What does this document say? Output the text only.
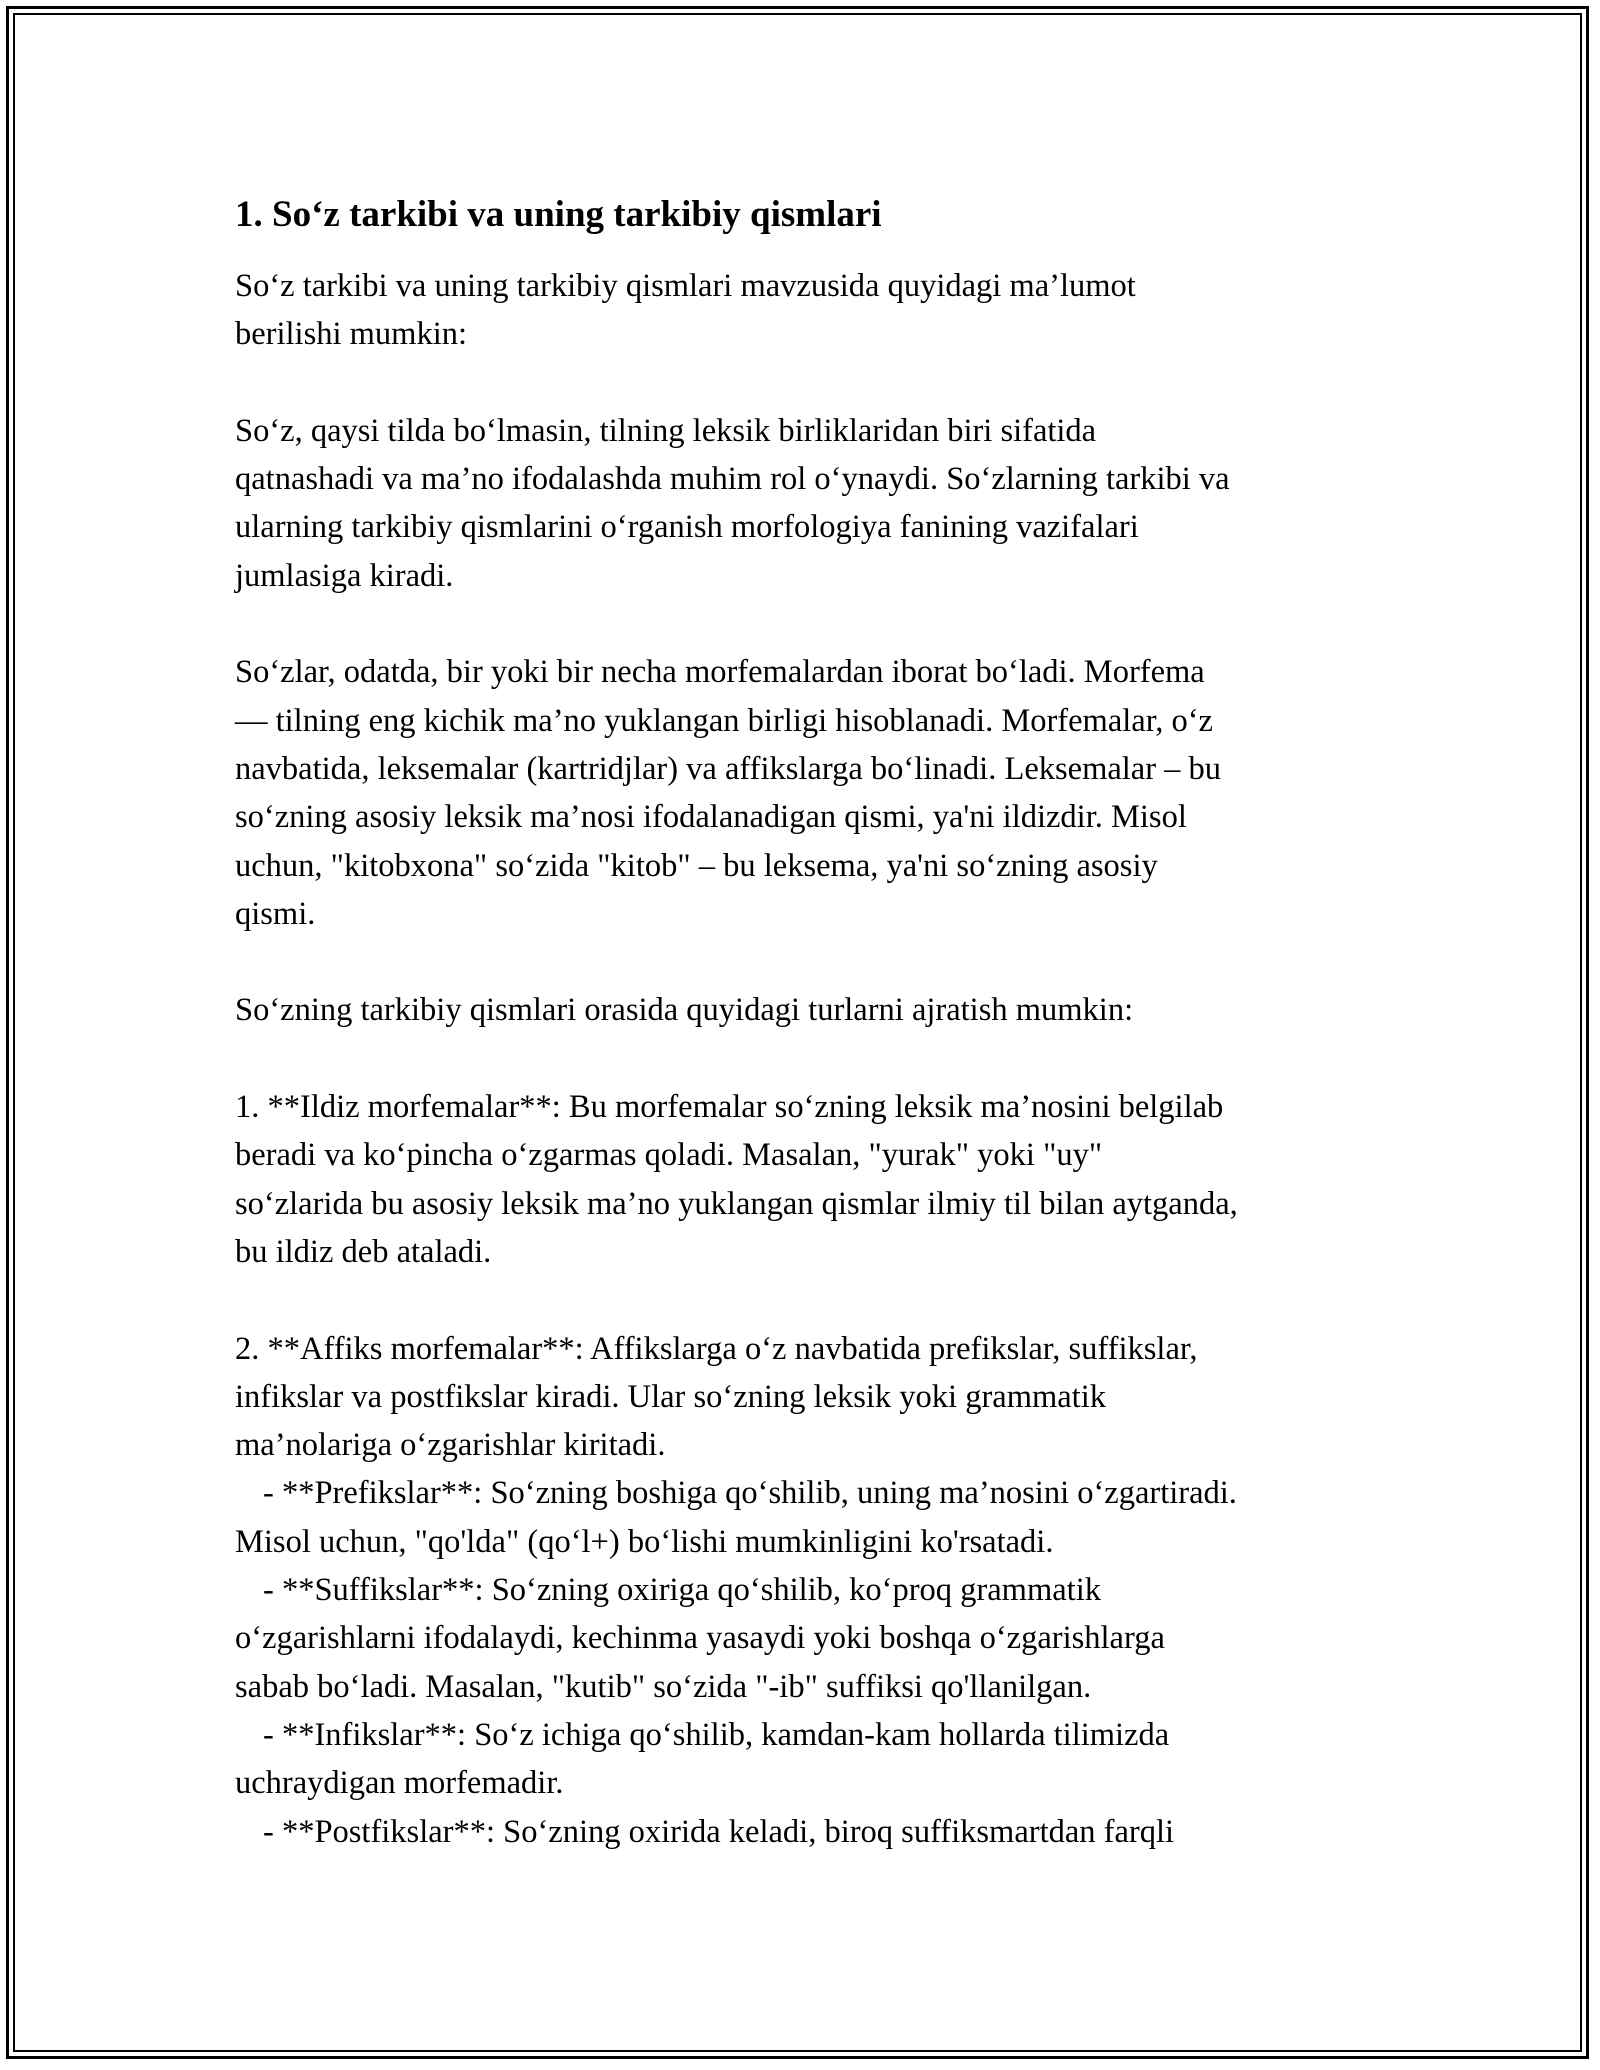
1. So‘z tarkibi va uning tarkibiy qismlari
So‘z tarkibi va uning tarkibiy qismlari mavzusida quyidagi ma’lumot
berilishi mumkin:
So‘z, qaysi tilda bo‘lmasin, tilning leksik birliklaridan biri sifatida
qatnashadi va ma’no ifodalashda muhim rol o‘ynaydi. So‘zlarning tarkibi va
ularning tarkibiy qismlarini o‘rganish morfologiya fanining vazifalari
jumlasiga kiradi.
So‘zlar, odatda, bir yoki bir necha morfemalardan iborat bo‘ladi. Morfema
— tilning eng kichik ma’no yuklangan birligi hisoblanadi. Morfemalar, o‘z
navbatida, leksemalar (kartridjlar) va affikslarga bo‘linadi. Leksemalar – bu
so‘zning asosiy leksik ma’nosi ifodalanadigan qismi, ya'ni ildizdir. Misol
uchun, "kitobxona" so‘zida "kitob" – bu leksema, ya'ni so‘zning asosiy
qismi.
So‘zning tarkibiy qismlari orasida quyidagi turlarni ajratish mumkin:
1. **Ildiz morfemalar**: Bu morfemalar so‘zning leksik ma’nosini belgilab
beradi va ko‘pincha o‘zgarmas qoladi. Masalan, "yurak" yoki "uy"
so‘zlarida bu asosiy leksik ma’no yuklangan qismlar ilmiy til bilan aytganda,
bu ildiz deb ataladi.
2. **Affiks morfemalar**: Affikslarga o‘z navbatida prefikslar, suffikslar,
infikslar va postfikslar kiradi. Ular so‘zning leksik yoki grammatik
ma’nolariga o‘zgarishlar kiritadi.
- **Prefikslar**: So‘zning boshiga qo‘shilib, uning ma’nosini o‘zgartiradi.
Misol uchun, "qo'lda" (qo‘l+) bo‘lishi mumkinligini ko'rsatadi.
- **Suffikslar**: So‘zning oxiriga qo‘shilib, ko‘proq grammatik
o‘zgarishlarni ifodalaydi, kechinma yasaydi yoki boshqa o‘zgarishlarga
sabab bo‘ladi. Masalan, "kutib" so‘zida "-ib" suffiksi qo'llanilgan.
- **Infikslar**: So‘z ichiga qo‘shilib, kamdan-kam hollarda tilimizda
uchraydigan morfemadir.
- **Postfikslar**: So‘zning oxirida keladi, biroq suffiksmartdan farqli
